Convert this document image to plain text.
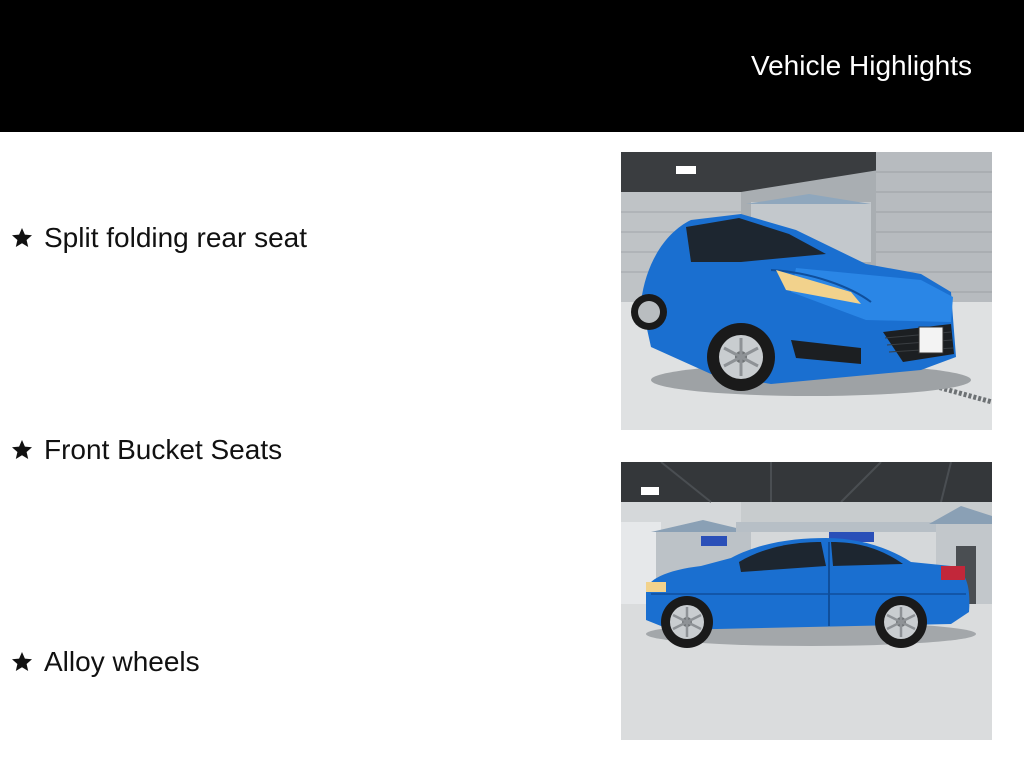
Vehicle Highlights
Split folding rear seat
Front Bucket Seats
Alloy wheels
